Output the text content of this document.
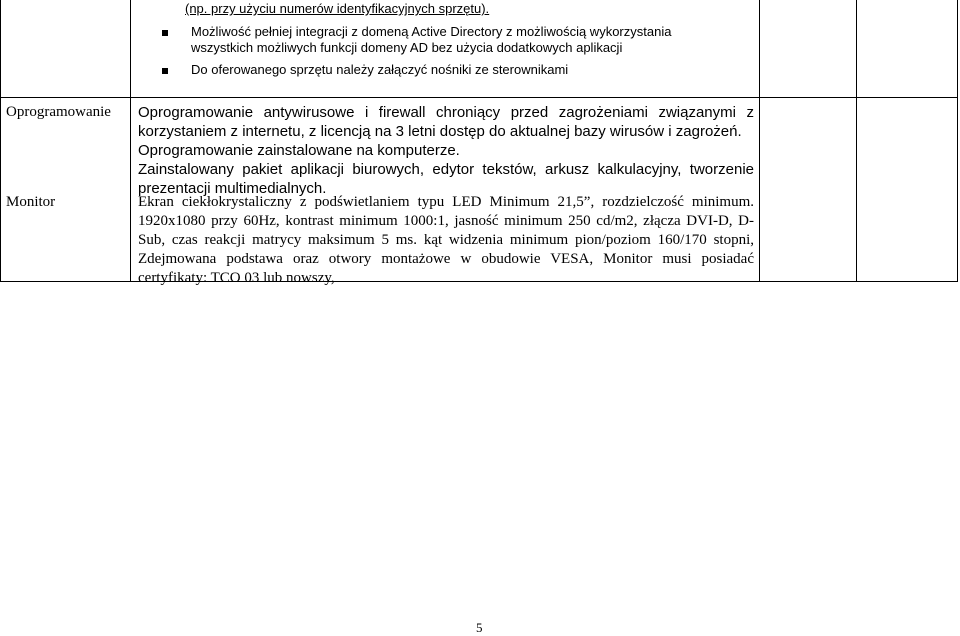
(np. przy użyciu numerów identyfikacyjnych sprzętu).
Możliwość pełniej integracji z domeną Active Directory z możliwością wykorzystania wszystkich możliwych funkcji domeny AD bez użycia dodatkowych aplikacji
Do oferowanego sprzętu należy załączyć nośniki ze sterownikami
Oprogramowanie Oprogramowanie antywirusowe i firewall chroniący przed zagrożeniami związanymi z korzystaniem z internetu, z licencją na 3 letni dostęp do aktualnej bazy wirusów i zagrożeń.

Oprogramowanie zainstalowane na komputerze.

Zainstalowany pakiet aplikacji biurowych, edytor tekstów, arkusz kalkulacyjny, tworzenie prezentacji multimedialnych.

Monitor	Ekran ciekłokrystaliczny z podświetlaniem typu LED Minimum 21,5”, rozdzielczość minimum. 1920x1080 przy 60Hz, kontrast minimum 1000:1, jasność minimum 250 cd/m2, złącza DVI-D, D-Sub, czas reakcji matrycy maksimum 5 ms. kąt widzenia minimum pion/poziom 160/170 stopni, Zdejmowana podstawa oraz otwory montażowe w obudowie VESA, Monitor musi posiadać certyfikaty: TCO 03 lub nowszy,

5
